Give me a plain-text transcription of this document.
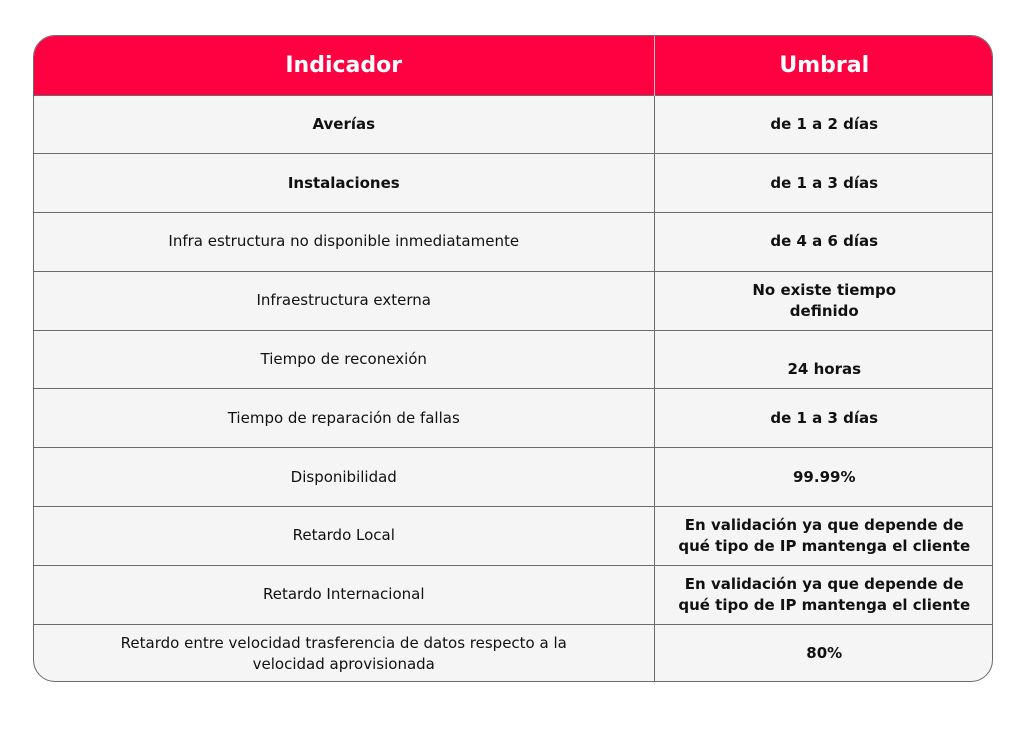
Indicador	Umbral
Averías	de 1 a 2 días
Instalaciones	de 1 a 3 días
Infra estructura no disponible inmediatamente	de 4 a 6 días
Infraestructura externa	No existe tiempo definido
Tiempo de reconexión	24 horas
Tiempo de reparación de fallas	de 1 a 3 días
Disponibilidad	99.99%
Retardo Local	En validación ya que depende de qué tipo de IP mantenga el cliente
Retardo Internacional	En validación ya que depende de qué tipo de IP mantenga el cliente
Retardo entre velocidad trasferencia de datos respecto a la velocidad aprovisionada	80%
